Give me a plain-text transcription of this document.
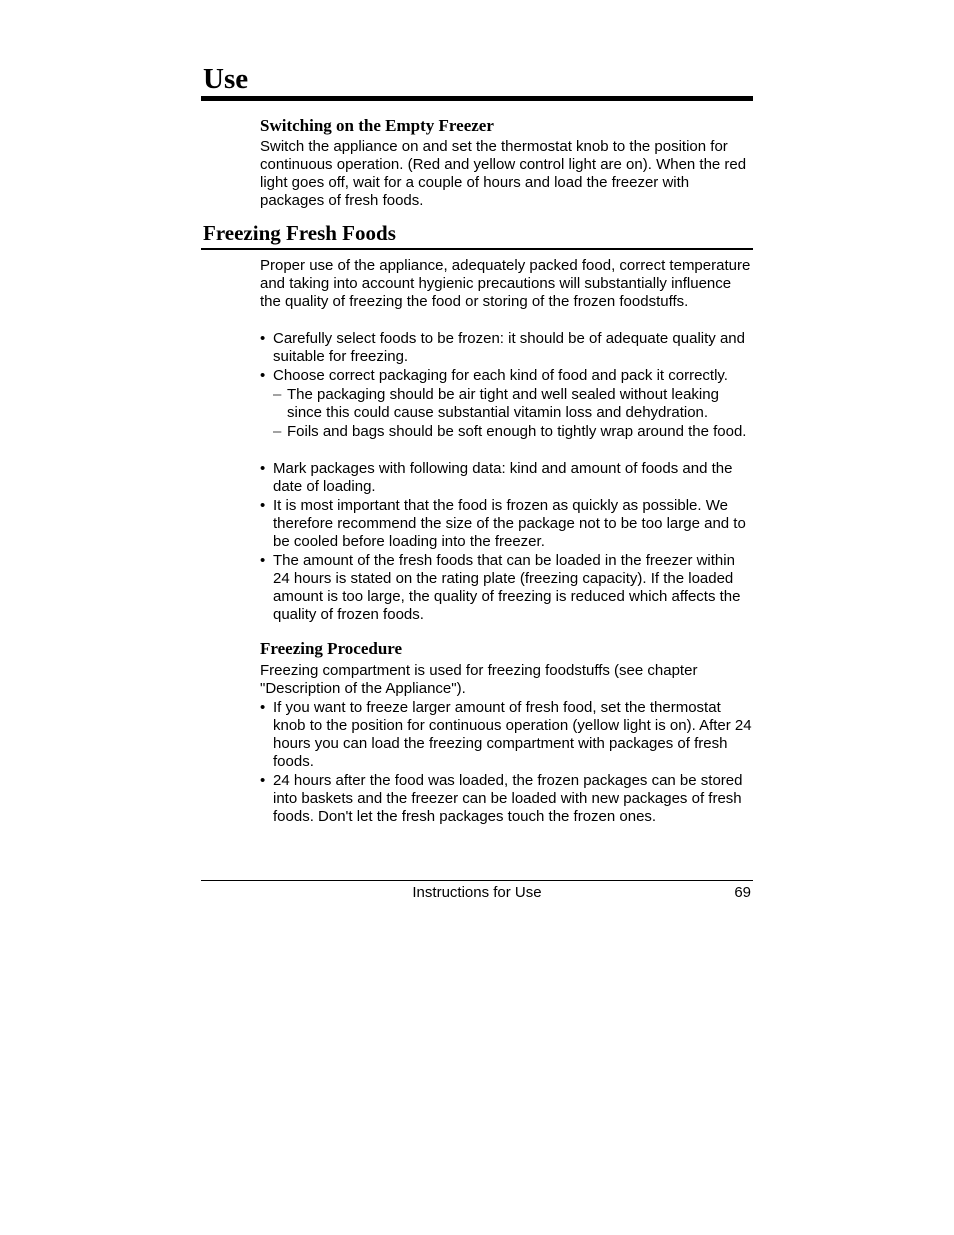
Use
Switching on the Empty Freezer

Switch the appliance on and set the thermostat knob to the position for continuous operation. (Red and yellow control light are on). When the red light goes off, wait for a couple of hours and load the freezer with packages of fresh foods.

Freezing Fresh Foods

Proper use of the appliance, adequately packed food, correct temperature and taking into account hygienic precautions will substantially influence the quality of freezing the food or storing of the frozen foodstuffs.

• Carefully select foods to be frozen: it should be of adequate quality and suitable for freezing.
• Choose correct packaging for each kind of food and pack it correctly.
– The packaging should be air tight and well sealed without leaking since this could cause substantial vitamin loss and dehydration.
– Foils and bags should be soft enough to tightly wrap around the food.
• Mark packages with following data: kind and amount of foods and the date of loading.
• It is most important that the food is frozen as quickly as possible. We therefore recommend the size of the package not to be too large and to be cooled before loading into the freezer.
• The amount of the fresh foods that can be loaded in the freezer within 24 hours is stated on the rating plate (freezing capacity). If the loaded amount is too large, the quality of freezing is reduced which affects the quality of frozen foods.
Freezing Procedure

Freezing compartment is used for freezing foodstuffs (see chapter "Description of the Appliance").

• If you want to freeze larger amount of fresh food, set the thermostat knob to the position for continuous operation (yellow light is on). After 24 hours you can load the freezing compartment with packages of fresh foods.
• 24 hours after the food was loaded, the frozen packages can be stored into baskets and the freezer can be loaded with new packages of fresh foods. Don't let the fresh packages touch the frozen ones.
Instructions for Use	69
